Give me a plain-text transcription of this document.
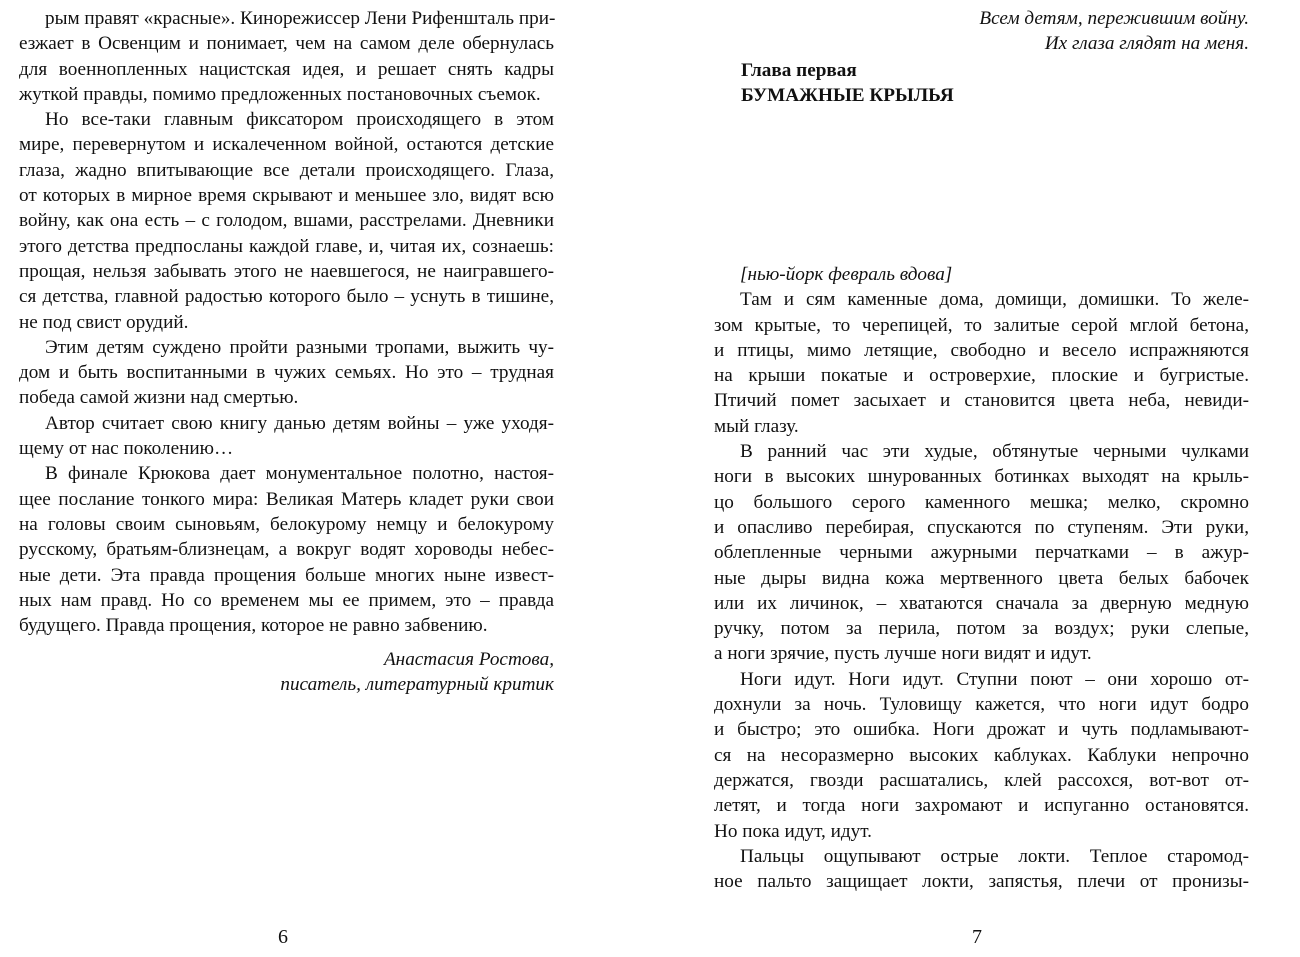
рым правят «красные». Кинорежиссер Лени Рифеншталь при-
езжает в Освенцим и понимает, чем на самом деле обернулась
для военнопленных нацистская идея, и решает снять кадры
жуткой правды, помимо предложенных постановочных съемок.
Но все-таки главным фиксатором происходящего в этом
мире, перевернутом и искалеченном войной, остаются детские
глаза, жадно впитывающие все детали происходящего. Глаза,
от которых в мирное время скрывают и меньшее зло, видят всю
войну, как она есть – с голодом, вшами, расстрелами. Дневники
этого детства предпосланы каждой главе, и, читая их, сознаешь:
прощая, нельзя забывать этого не наевшегося, не наигравшего-
ся детства, главной радостью которого было – уснуть в тишине,
не под свист орудий.
Этим детям суждено пройти разными тропами, выжить чу-
дом и быть воспитанными в чужих семьях. Но это – трудная
победа самой жизни над смертью.
Автор считает свою книгу данью детям войны – уже уходя-
щему от нас поколению…
В финале Крюкова дает монументальное полотно, настоя-
щее послание тонкого мира: Великая Матерь кладет руки свои
на головы своим сыновьям, белокурому немцу и белокурому
русскому, братьям-близнецам, а вокруг водят хороводы небес-
ные дети. Эта правда прощения больше многих ныне извест-
ных нам правд. Но со временем мы ее примем, это – правда
будущего. Правда прощения, которое не равно забвению.
Анастасия Ростова,
писатель, литературный критик
Всем детям, пережившим войну.
Их глаза глядят на меня.
Глава первая
БУМАЖНЫЕ КРЫЛЬЯ
[нью-йорк февраль вдова]
Там и сям каменные дома, домищи, домишки. То желе-
зом крытые, то черепицей, то залитые серой мглой бетона,
и птицы, мимо летящие, свободно и весело испражняются
на крыши покатые и островерхие, плоские и бугристые.
Птичий помет засыхает и становится цвета неба, невиди-
мый глазу.
В ранний час эти худые, обтянутые черными чулками
ноги в высоких шнурованных ботинках выходят на крыль-
цо большого серого каменного мешка; мелко, скромно
и опасливо перебирая, спускаются по ступеням. Эти руки,
облепленные черными ажурными перчатками – в ажур-
ные дыры видна кожа мертвенного цвета белых бабочек
или их личинок, – хватаются сначала за дверную медную
ручку, потом за перила, потом за воздух; руки слепые,
а ноги зрячие, пусть лучше ноги видят и идут.
Ноги идут. Ноги идут. Ступни поют – они хорошо от-
дохнули за ночь. Туловищу кажется, что ноги идут бодро
и быстро; это ошибка. Ноги дрожат и чуть подламывают-
ся на несоразмерно высоких каблуках. Каблуки непрочно
держатся, гвозди расшатались, клей рассохся, вот-вот от-
летят, и тогда ноги захромают и испуганно остановятся.
Но пока идут, идут.
Пальцы ощупывают острые локти. Теплое старомод-
ное пальто защищает локти, запястья, плечи от пронизы-
6	7
